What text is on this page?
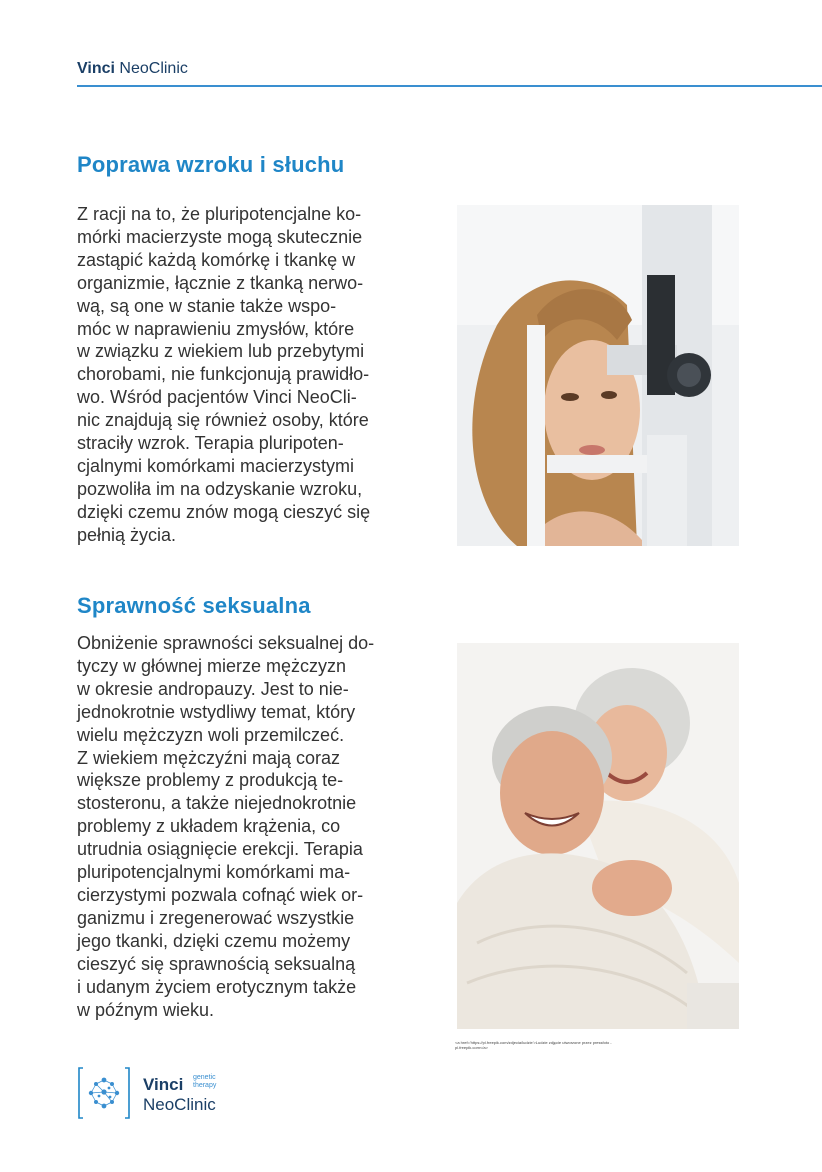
Vinci NeoClinic
Poprawa wzroku i słuchu

Z racji na to, że pluripotencjalne ko-
mórki macierzyste mogą skutecznie
zastąpić każdą komórkę i tkankę w
organizmie, łącznie z tkanką nerwo-
wą, są one w stanie także wspo-
móc w naprawieniu zmysłów, które
w związku z wiekiem lub przebytymi
chorobami, nie funkcjonują prawidło-
wo. Wśród pacjentów Vinci NeoCli-
nic znajdują się również osoby, które
straciły wzrok. Terapia pluripoten-
cjalnymi komórkami macierzystymi
pozwoliła im na odzyskanie wzroku,
dzięki czemu znów mogą cieszyć się
pełnią życia.

Sprawność seksualna

Obniżenie sprawności seksualnej do-
tyczy w głównej mierze mężczyzn
w okresie andropauzy. Jest to nie-
jednokrotnie wstydliwy temat, który
wielu mężczyzn woli przemilczeć.
Z wiekiem mężczyźni mają coraz
większe problemy z produkcją te-
stosteronu, a także niejednokrotnie
problemy z układem krążenia, co
utrudnia osiągnięcie erekcji. Terapia
pluripotencjalnymi komórkami ma-
cierzystymi pozwala cofnąć wiek or-
ganizmu i zregenerować wszystkie
jego tkanki, dzięki czemu możemy
cieszyć się sprawnością seksualną
i udanym życiem erotycznym także
w późnym wieku.

<a href='https://pl.freepik.com/zdjecia/ludzie'>Ludzie zdjęcie utworzone przez pressfoto - pl.freepik.com</a>
Vinci genetic
therapy
NeoClinic
